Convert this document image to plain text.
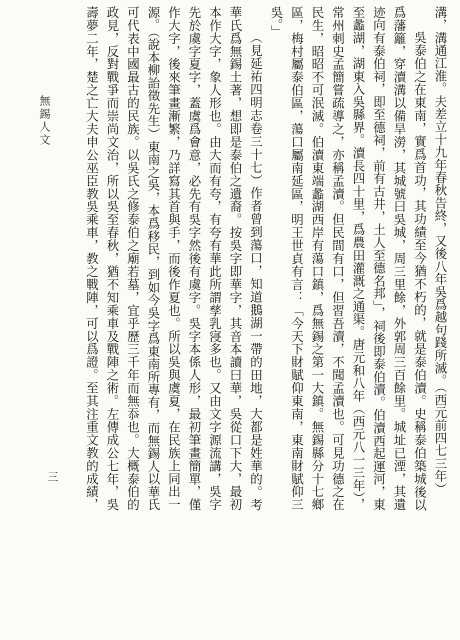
溝，溝通江淮。夫差立十九年春秋告終，又後八年吳爲越句踐所滅。（西元前四七三年）

吳泰伯之在東南，實爲首功，其功績至今猶不朽的，就是泰伯瀆。史稱泰伯築城後以爲藩籬，穿瀆溝以備旱澇，其城號曰吳城，周三里餘，外郭周三百餘里。城址已湮，其遺迹向有泰伯祠，即至德祠，前有古井，土人至德名邦」，祠後即泰伯瀆。伯瀆西起運河，東至蠡湖，湖東入吳縣界。瀆長四十里，爲農田灌溉之通渠。唐元和八年（西元八一三年），常州刺史孟簡嘗疏導之，亦稱孟瀆。但民間有口，但習吾瀆，不聞孟瀆也。可見功德之在民生，昭昭不可泯滅。伯瀆東端蠡湖西岸有蕩口鎮，爲無錫之第一大鎮。無錫縣分十七鄉區，梅村屬泰伯區，蕩口屬南延區，明王世貞有言：「今天下財賦仰東南，東南財賦仰三吳。」

（見延祐四明志卷三十七）作者曾到蕩口，知道鵝湖一帶的田地，大都是姓華的。考華氏爲無錫土著，想即是泰伯之遺裔。按吳字即華字，其音本讀曰華，吳從口下大，最初本作大字，象人形也。由大而有夸，有夸有華此所謂孳乳寖多也。又由文字源流講，吳字先於虞字夏字，蓋虞爲會意，必先有吳字然後有虞字。吳字本係人形，最初筆畫簡單，僅作大字，後來筆畫漸繁，乃詳寫其首與手，而後作夏也。所以吳與虞夏，在民族上同出一源。（說本柳詒徵先生）東南之吳，本爲移民，到如今吳字爲東南所專有，而無錫人以華氏可代表中國最古的民族。以吳氏之修泰伯之廟若墓，宜乎歷三千年而無忝也。大概泰伯的政見，反對戰爭而崇尚文治，所以吳至春秋，猶不知乘車及戰陣之術。左傳成公七年，吳壽夢二年，楚之亡大夫申公巫臣教吳乘車，教之戰陣，可以爲證。至其注重文教的成績，

無錫人文
三
